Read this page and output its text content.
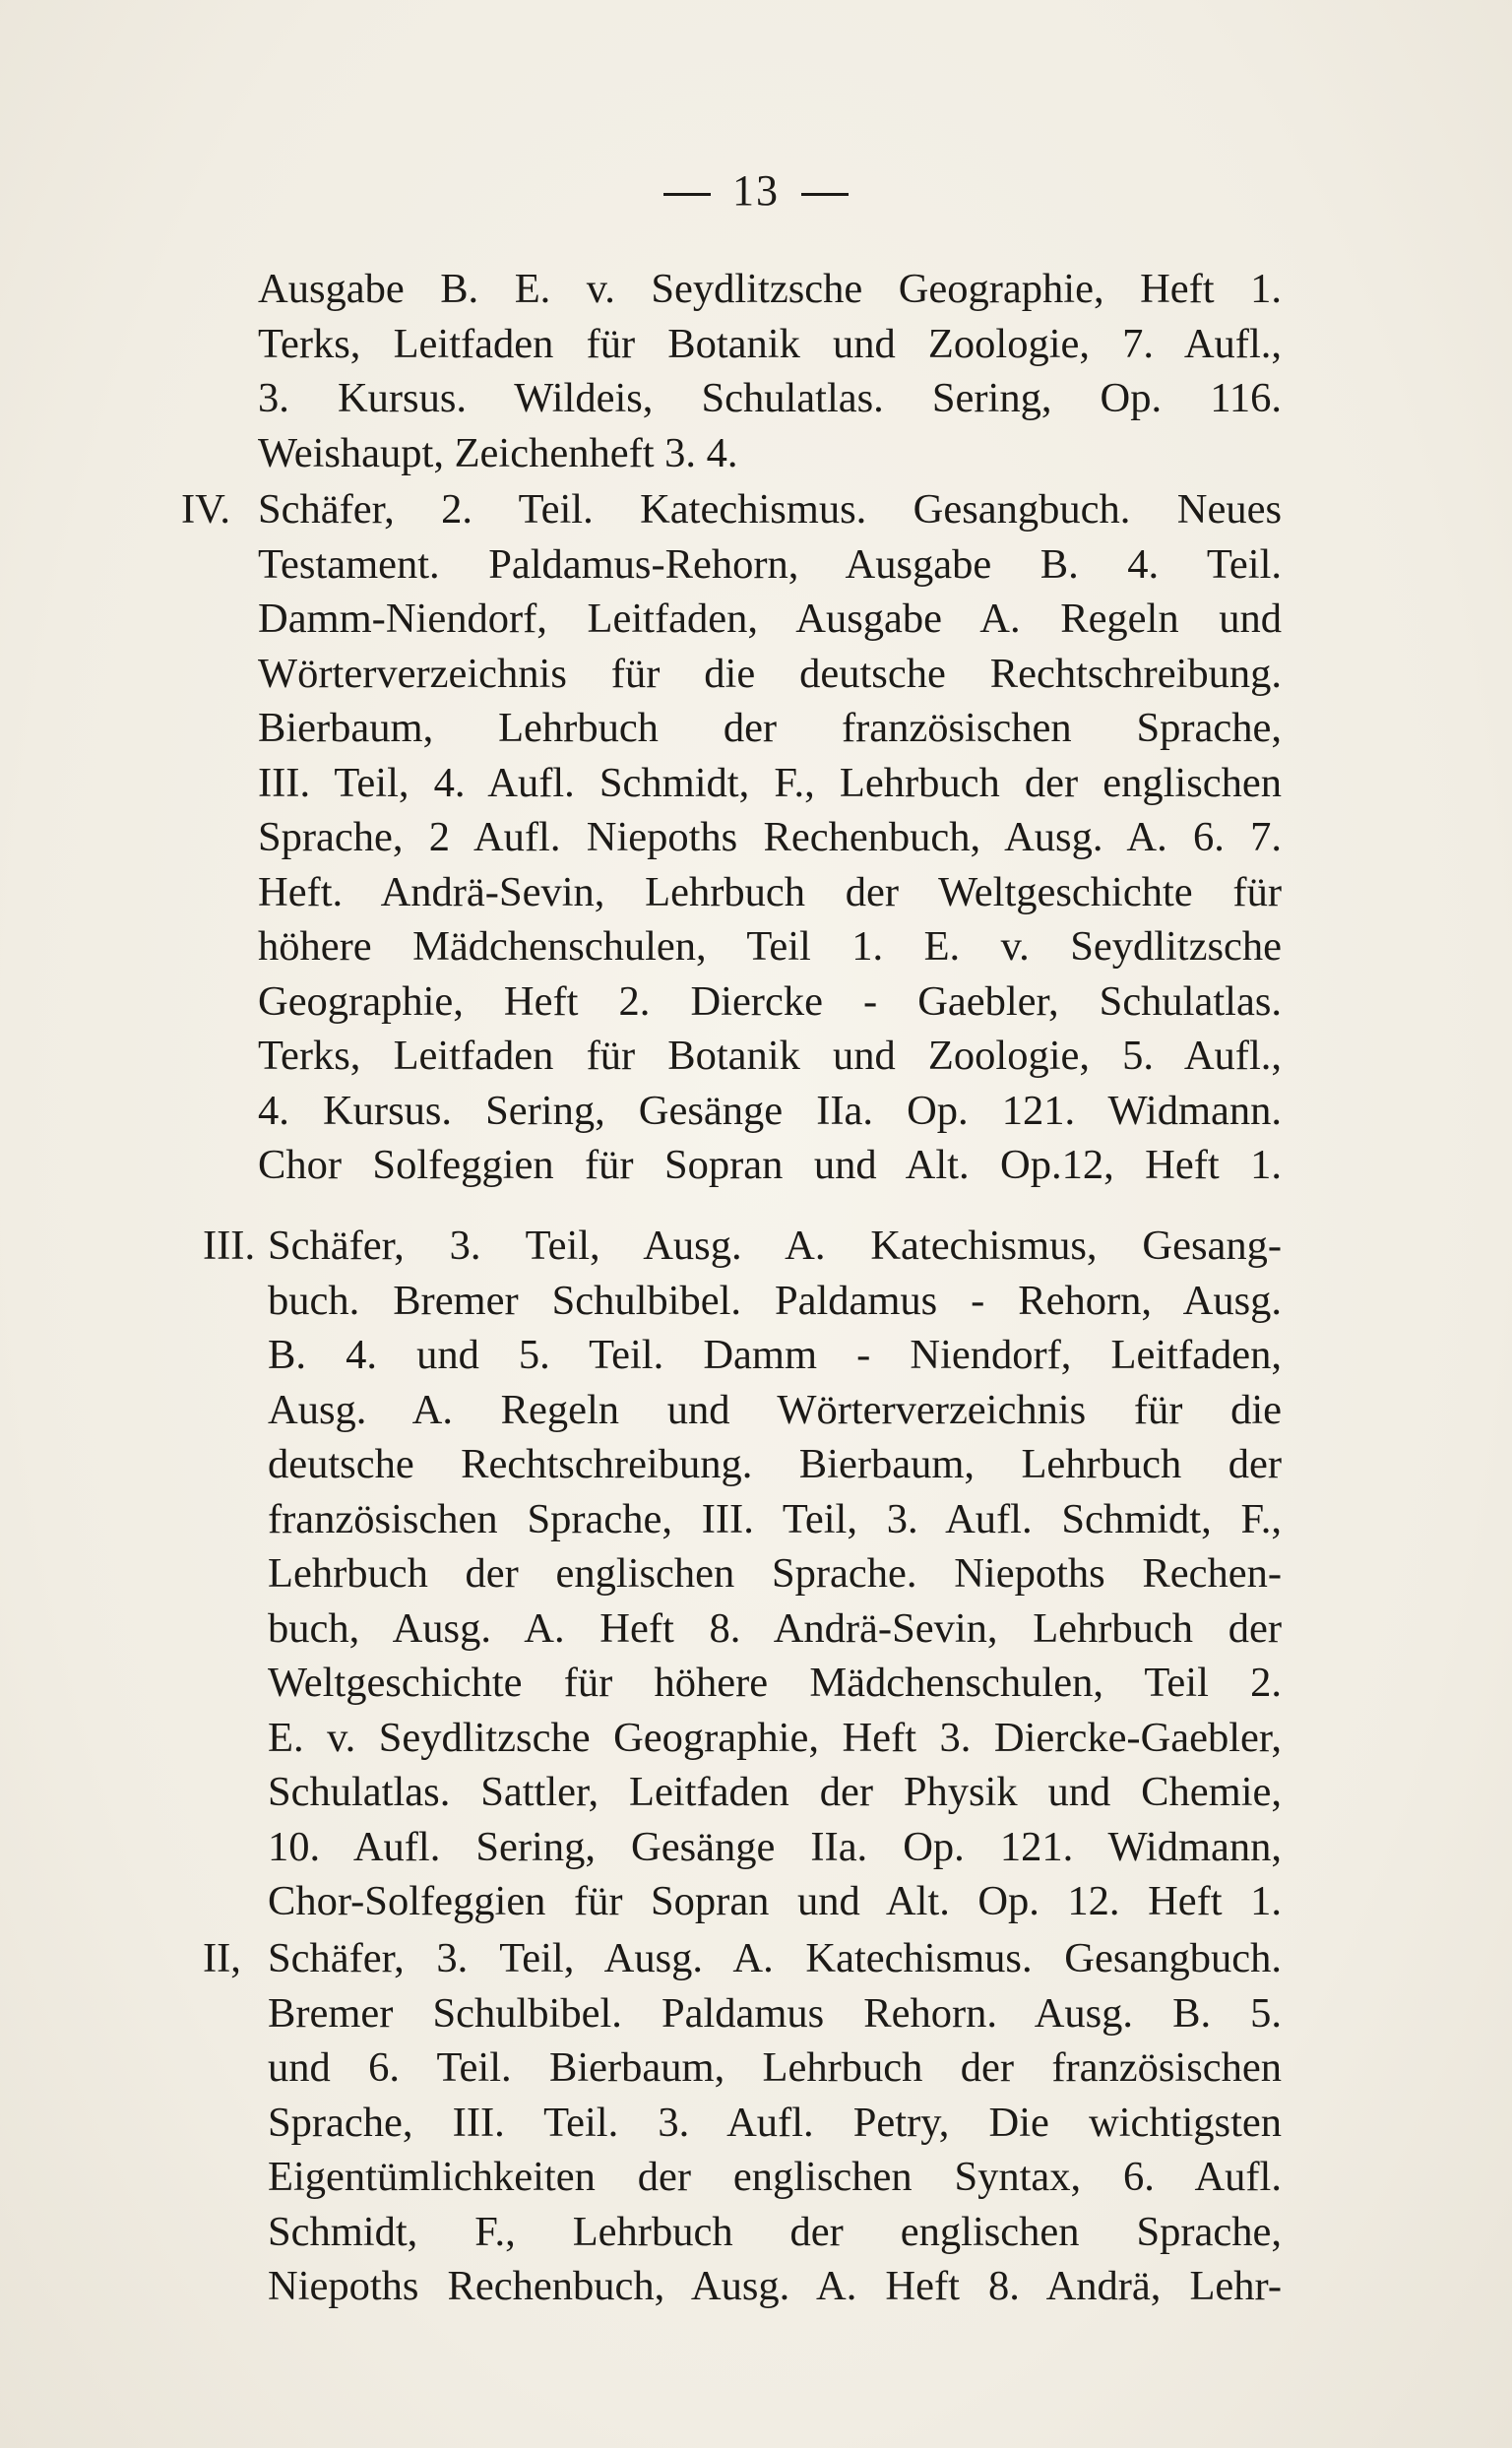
13
Ausgabe B. E. v. Seydlitzsche Geographie, Heft 1.
Terks, Leitfaden für Botanik und Zoologie, 7. Aufl.,
3. Kursus. Wildeis, Schulatlas. Sering, Op. 116.
Weishaupt, Zeichenheft 3. 4.
IV. Schäfer, 2. Teil. Katechismus. Gesangbuch. Neues
Testament. Paldamus-Rehorn, Ausgabe B. 4. Teil.
Damm-Niendorf, Leitfaden, Ausgabe A. Regeln und
Wörterverzeichnis für die deutsche Rechtschreibung.
Bierbaum, Lehrbuch der französischen Sprache,
III. Teil, 4. Aufl. Schmidt, F., Lehrbuch der englischen
Sprache, 2 Aufl. Niepoths Rechenbuch, Ausg. A. 6. 7.
Heft. Andrä-Sevin, Lehrbuch der Weltgeschichte für
höhere Mädchenschulen, Teil 1. E. v. Seydlitzsche
Geographie, Heft 2. Diercke - Gaebler, Schulatlas.
Terks, Leitfaden für Botanik und Zoologie, 5. Aufl.,
4. Kursus. Sering, Gesänge IIa. Op. 121. Widmann.
Chor Solfeggien für Sopran und Alt. Op.12, Heft 1.
III. Schäfer, 3. Teil, Ausg. A. Katechismus, Gesang-
buch. Bremer Schulbibel. Paldamus - Rehorn, Ausg.
B. 4. und 5. Teil. Damm - Niendorf, Leitfaden,
Ausg. A. Regeln und Wörterverzeichnis für die
deutsche Rechtschreibung. Bierbaum, Lehrbuch der
französischen Sprache, III. Teil, 3. Aufl. Schmidt, F.,
Lehrbuch der englischen Sprache. Niepoths Rechen-
buch, Ausg. A. Heft 8. Andrä-Sevin, Lehrbuch der
Weltgeschichte für höhere Mädchenschulen, Teil 2.
E. v. Seydlitzsche Geographie, Heft 3. Diercke-Gaebler,
Schulatlas. Sattler, Leitfaden der Physik und Chemie,
10. Aufl. Sering, Gesänge IIa. Op. 121. Widmann,
Chor-Solfeggien für Sopran und Alt. Op. 12. Heft 1.
II, Schäfer, 3. Teil, Ausg. A. Katechismus. Gesangbuch.
Bremer Schulbibel. Paldamus Rehorn. Ausg. B. 5.
und 6. Teil. Bierbaum, Lehrbuch der französischen
Sprache, III. Teil. 3. Aufl. Petry, Die wichtigsten
Eigentümlichkeiten der englischen Syntax, 6. Aufl.
Schmidt, F., Lehrbuch der englischen Sprache,
Niepoths Rechenbuch, Ausg. A. Heft 8. Andrä, Lehr-
